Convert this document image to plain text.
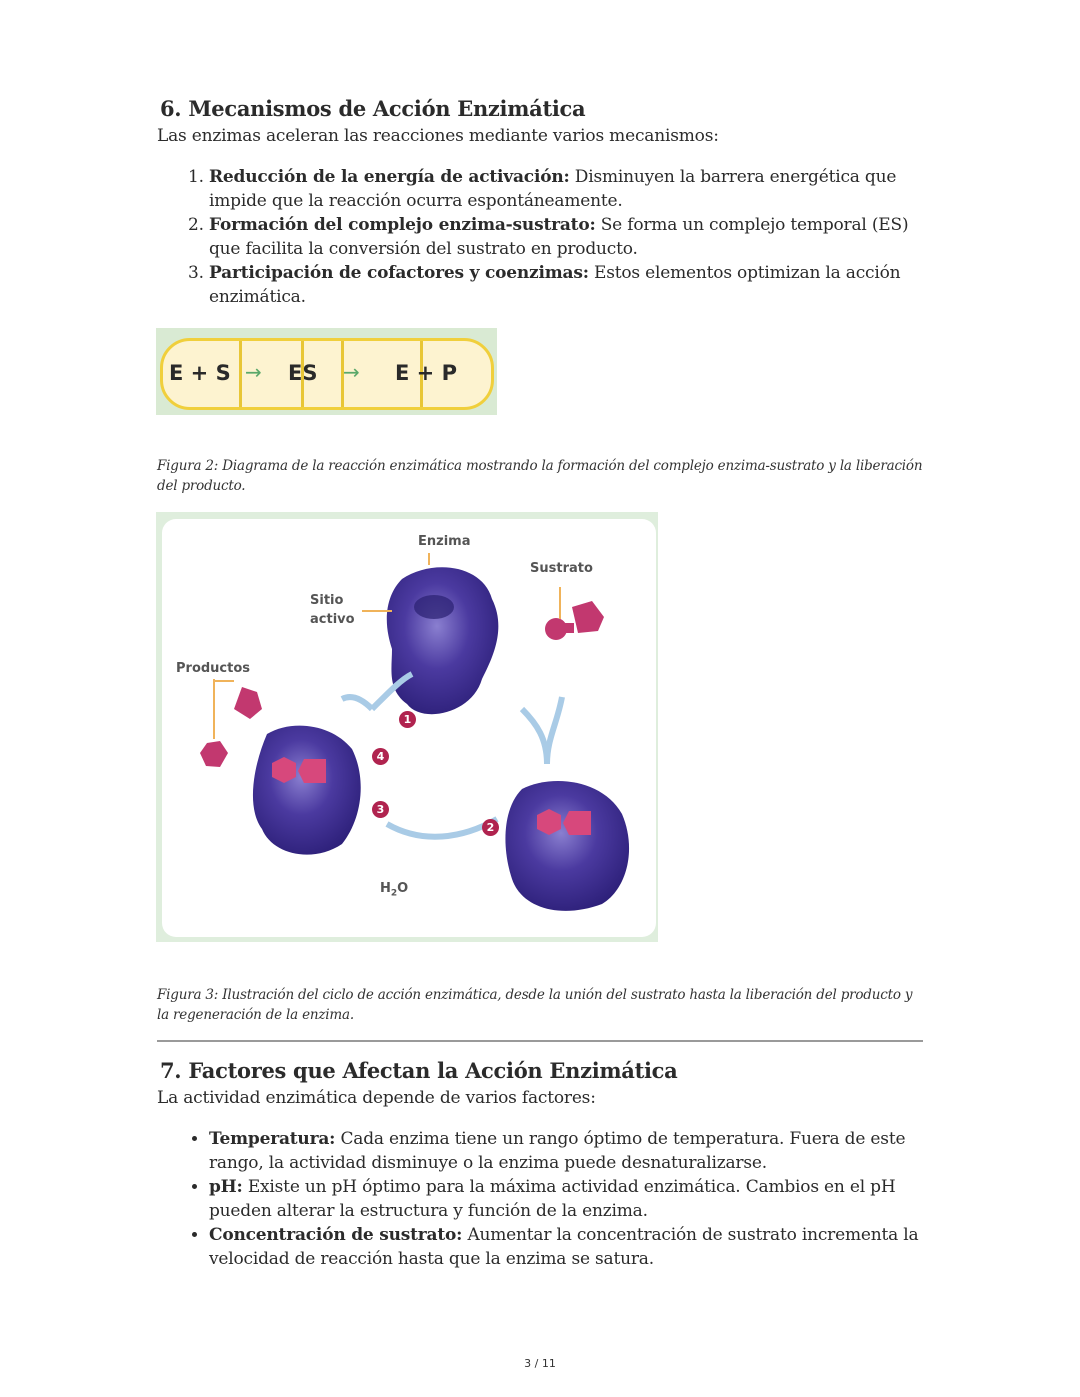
6. Mecanismos de Acción Enzimática

Las enzimas aceleran las reacciones mediante varios mecanismos:

1. Reducción de la energía de activación: Disminuyen la barrera energética que impide que la reacción ocurra espontáneamente.
2. Formación del complejo enzima-sustrato: Se forma un complejo temporal (ES) que facilita la conversión del sustrato en producto.
3. Participación de cofactores y coenzimas: Estos elementos optimizan la acción enzimática.
E + S → ES → E + P
Figura 2: Diagrama de la reacción enzimática mostrando la formación del complejo enzima-sustrato y la liberación del producto.
Enzima
Sustrato
Sitio
activo
Productos
$H_2O$
1
2
3
4
Figura 3: Ilustración del ciclo de acción enzimática, desde la unión del sustrato hasta la liberación del producto y la regeneración de la enzima.
7. Factores que Afectan la Acción Enzimática

La actividad enzimática depende de varios factores:

• Temperatura: Cada enzima tiene un rango óptimo de temperatura. Fuera de este rango, la actividad disminuye o la enzima puede desnaturalizarse.
• pH: Existe un pH óptimo para la máxima actividad enzimática. Cambios en el pH pueden alterar la estructura y función de la enzima.
• Concentración de sustrato: Aumentar la concentración de sustrato incrementa la velocidad de reacción hasta que la enzima se satura.
3 / 11
